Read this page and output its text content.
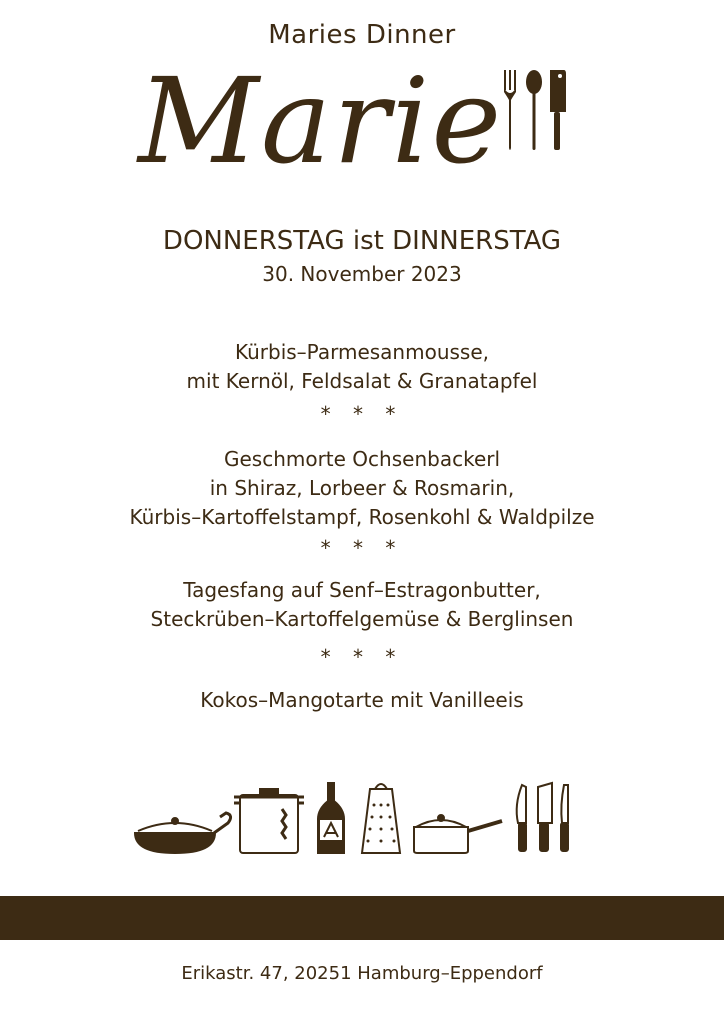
Maries Dinner
Marie
DONNERSTAG ist DINNERSTAG
30. November 2023
Kürbis–Parmesanmousse,
mit Kernöl, Feldsalat & Granatapfel
* * *
Geschmorte Ochsenbackerl
in Shiraz, Lorbeer & Rosmarin,
Kürbis–Kartoffelstampf, Rosenkohl & Waldpilze
* * *
Tagesfang auf Senf–Estragonbutter,
Steckrüben–Kartoffelgemüse & Berglinsen
* * *
Kokos–Mangotarte mit Vanilleeis
Erikastr. 47, 20251 Hamburg–Eppendorf
